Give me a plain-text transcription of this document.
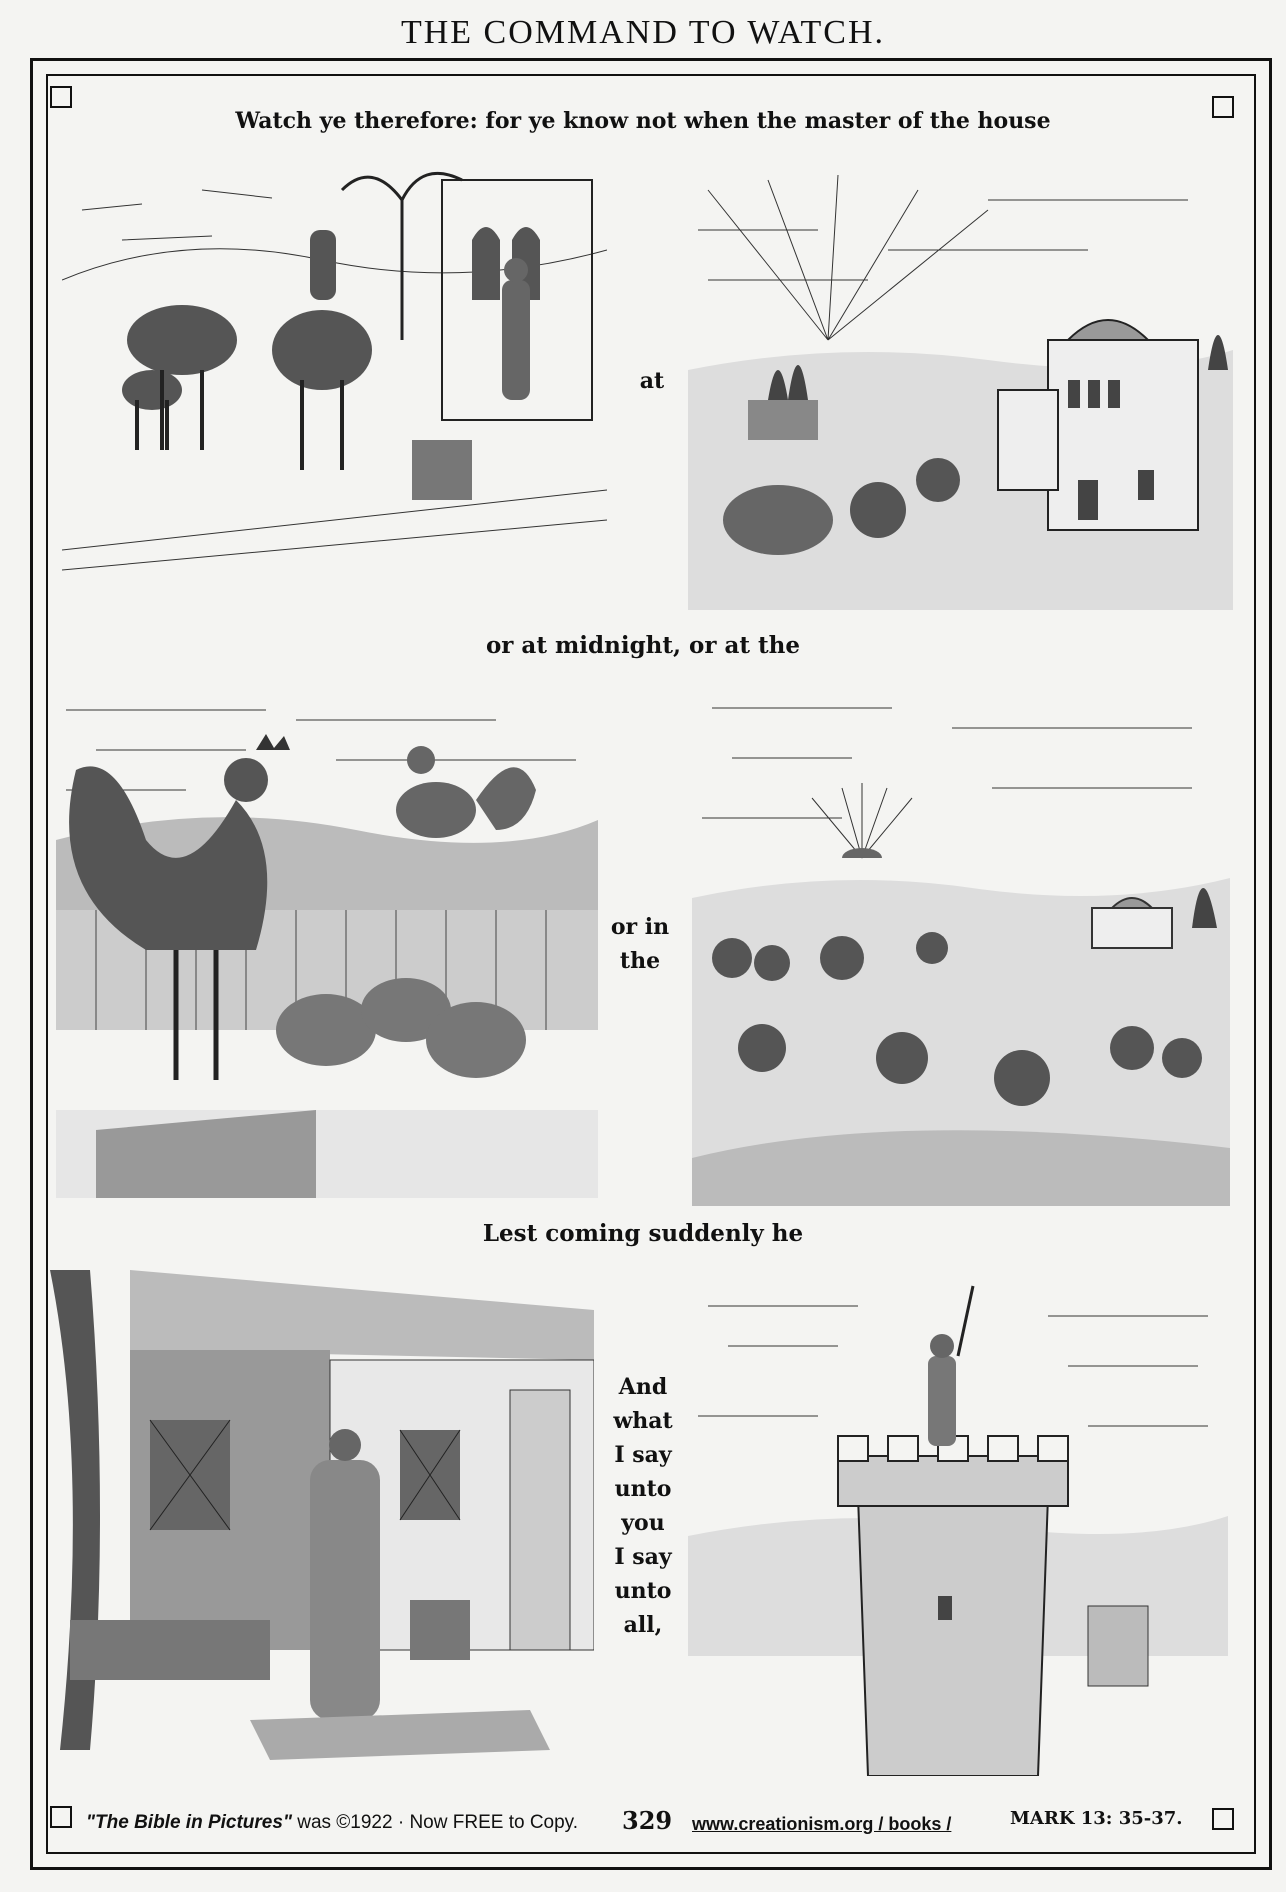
THE COMMAND TO WATCH.
Watch ye therefore: for ye know not when the master of the house
at
or at midnight, or at the
or in
the
Lest coming suddenly he
And
what
I say
unto
you
I say
unto
all,
"The Bible in Pictures" was ©1922 · Now FREE to Copy. 329 www.creationism.org / books /	MARK 13: 35-37.
